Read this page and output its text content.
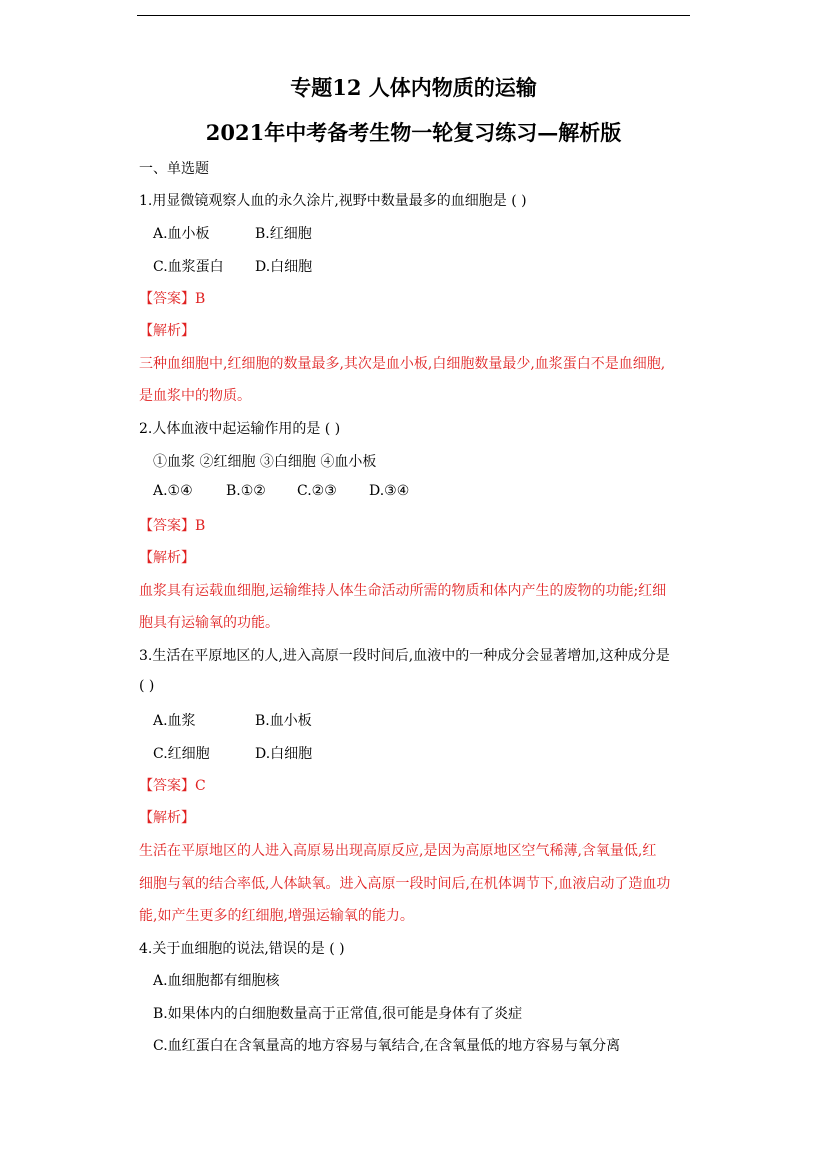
专题12 人体内物质的运输
2021年中考备考生物一轮复习练习—解析版
一、单选题
1.用显微镜观察人血的永久涂片,视野中数量最多的血细胞是 ( )
A.血小板	B.红细胞
C.血浆蛋白 D.白细胞
【答案】B
【解析】
三种血细胞中,红细胞的数量最多,其次是血小板,白细胞数量最少,血浆蛋白不是血细胞,
是血浆中的物质。
2.人体血液中起运输作用的是 ( )
①血浆 ②红细胞 ③白细胞 ④血小板
A.①④ B.①② C.②③ D.③④
【答案】B
【解析】
血浆具有运载血细胞,运输维持人体生命活动所需的物质和体内产生的废物的功能;红细
胞具有运输氧的功能。
3.生活在平原地区的人,进入高原一段时间后,血液中的一种成分会显著增加,这种成分是
( )
A.血浆	B.血小板
C.红细胞	D.白细胞
【答案】C
【解析】
生活在平原地区的人进入高原易出现高原反应,是因为高原地区空气稀薄,含氧量低,红
细胞与氧的结合率低,人体缺氧。进入高原一段时间后,在机体调节下,血液启动了造血功
能,如产生更多的红细胞,增强运输氧的能力。
4.关于血细胞的说法,错误的是 ( )
A.血细胞都有细胞核
B.如果体内的白细胞数量高于正常值,很可能是身体有了炎症
C.血红蛋白在含氧量高的地方容易与氧结合,在含氧量低的地方容易与氧分离
